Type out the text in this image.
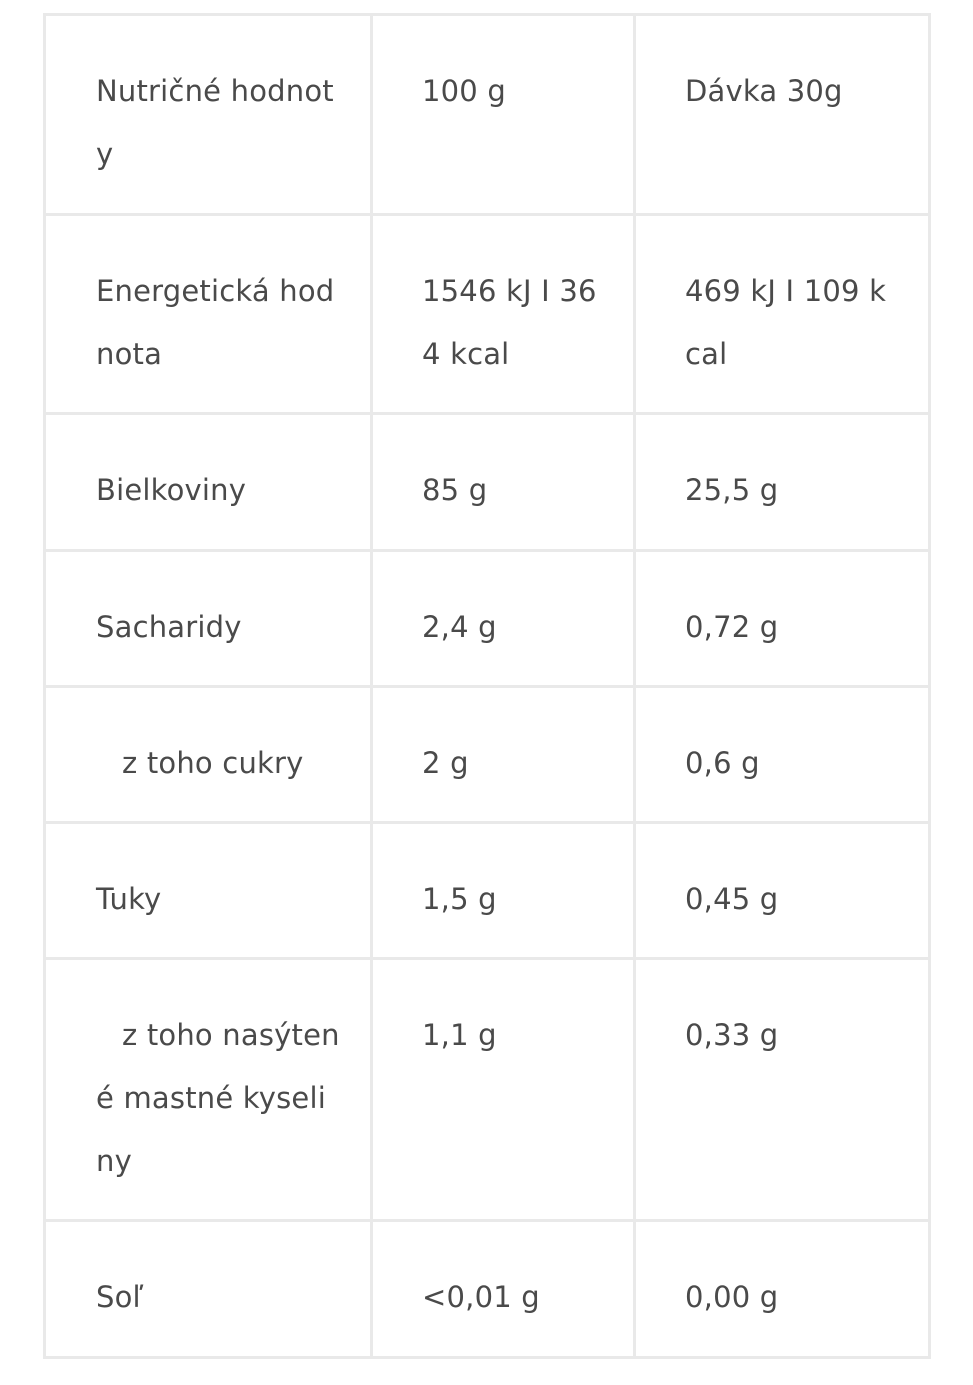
Nutričné hodnoty	100 g	Dávka 30g
Energetická hodnota	1546 kJ I 364 kcal	469 kJ I 109 kcal
Bielkoviny	85 g	25,5 g
Sacharidy	2,4 g	0,72 g

z toho cukry	2 g	0,6 g
Tuky	1,5 g	0,45 g
z toho nasýtené mastné kyseliny	1,1 g	0,33 g
Soľ	<0,01 g	0,00 g
